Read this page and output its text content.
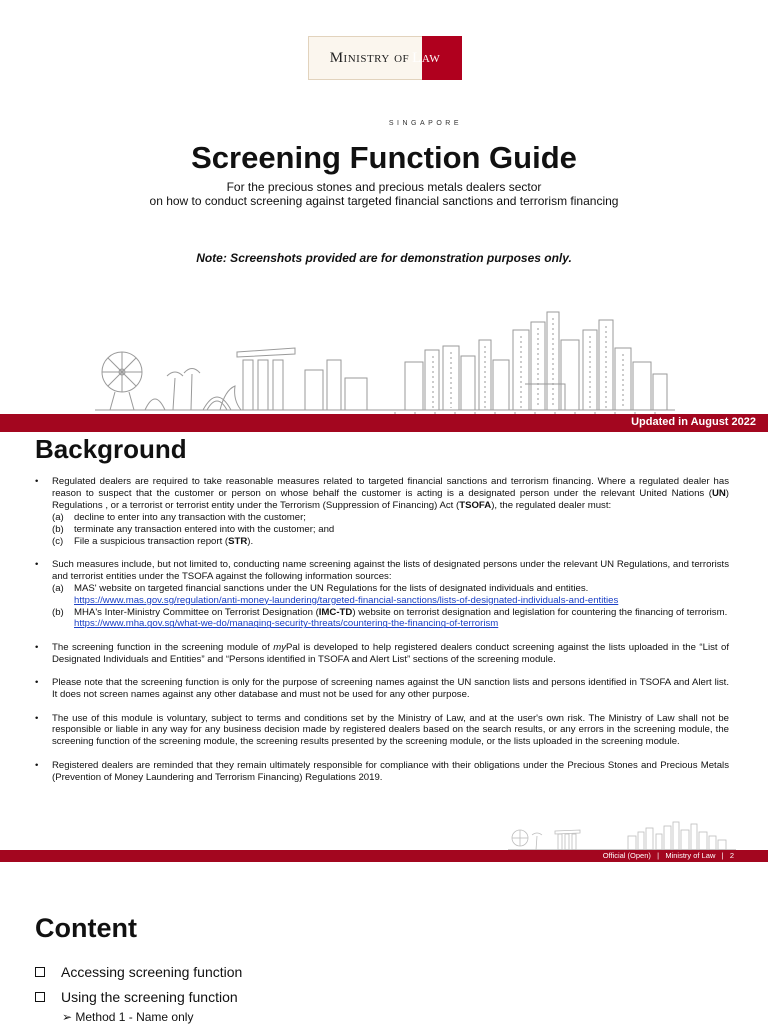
Ministry of Law
SINGAPORE
Screening Function Guide
For the precious stones and precious metals dealers sector
on how to conduct screening against targeted financial sanctions and terrorism financing
Note: Screenshots provided are for demonstration purposes only.
Updated in August 2022
Background
• Regulated dealers are required to take reasonable measures related to targeted financial sanctions and terrorism financing. Where a regulated dealer has reason to suspect that the customer or person on whose behalf the customer is acting is a designated person under the relevant United Nations (UN) Regulations , or a terrorist or terrorist entity under the Terrorism (Suppression of Financing) Act (TSOFA), the regulated dealer must:
(a) decline to enter into any transaction with the customer;
(b) terminate any transaction entered into with the customer; and
(c) File a suspicious transaction report (STR).
• Such measures include, but not limited to, conducting name screening against the lists of designated persons under the relevant UN Regulations, and terrorists and terrorist entities under the TSOFA against the following information sources:
(a) MAS' website on targeted financial sanctions under the UN Regulations for the lists of designated individuals and entities.
https://www.mas.gov.sg/regulation/anti-money-laundering/targeted-financial-sanctions/lists-of-designated-individuals-and-entities
(b) MHA's Inter-Ministry Committee on Terrorist Designation (IMC-TD) website on terrorist designation and legislation for countering the financing of terrorism.
https://www.mha.gov.sg/what-we-do/managing-security-threats/countering-the-financing-of-terrorism
• The screening function in the screening module of myPal is developed to help registered dealers conduct screening against the lists uploaded in the “List of Designated Individuals and Entities” and “Persons identified in TSOFA and Alert List” sections of the screening module.
• Please note that the screening function is only for the purpose of screening names against the UN sanction lists and persons identified in TSOFA and Alert list. It does not screen names against any other database and must not be used for any other purpose.
• The use of this module is voluntary, subject to terms and conditions set by the Ministry of Law, and at the user's own risk. The Ministry of Law shall not be responsible or liable in any way for any business decision made by registered dealers based on the search results, or any errors in the screening module, the screening function of the screening module, the screening results presented by the screening module, or the lists uploaded in the screening module.
• Registered dealers are reminded that they remain ultimately responsible for compliance with their obligations under the Precious Stones and Precious Metals (Prevention of Money Laundering and Terrorism Financing) Regulations 2019.
Official (Open)   |   Ministry of Law   |   2
Content
Accessing screening function
Using the screening function
➢ Method 1 - Name only
